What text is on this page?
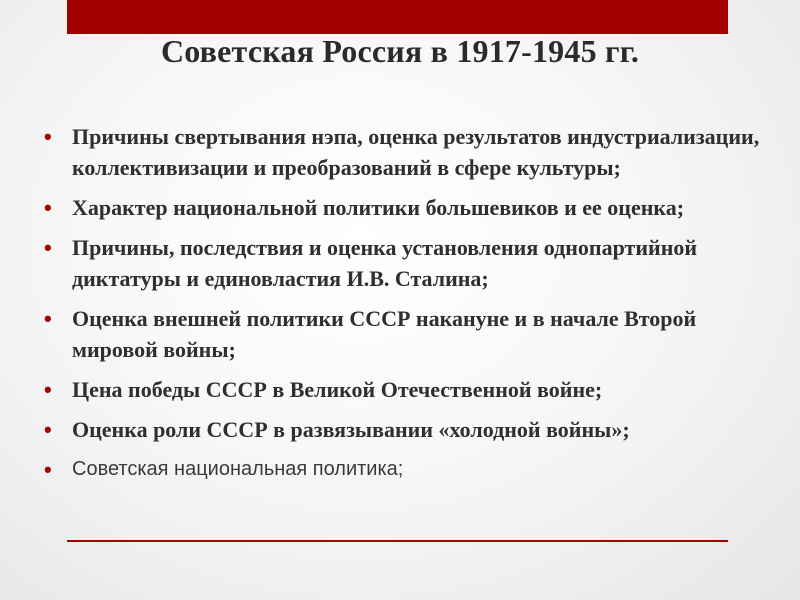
Советская Россия в 1917-1945 гг.
• Причины свертывания нэпа, оценка результатов индустриализации, коллективизации и преобразований в сфере культуры;
• Характер национальной политики большевиков и ее оценка;
• Причины, последствия и оценка установления однопартийной диктатуры и единовластия И.В. Сталина;
• Оценка внешней политики СССР накануне и в начале Второй мировой войны;
• Цена победы СССР в Великой Отечественной войне;
• Оценка роли СССР в развязывании «холодной войны»;
• Советская национальная политика;
